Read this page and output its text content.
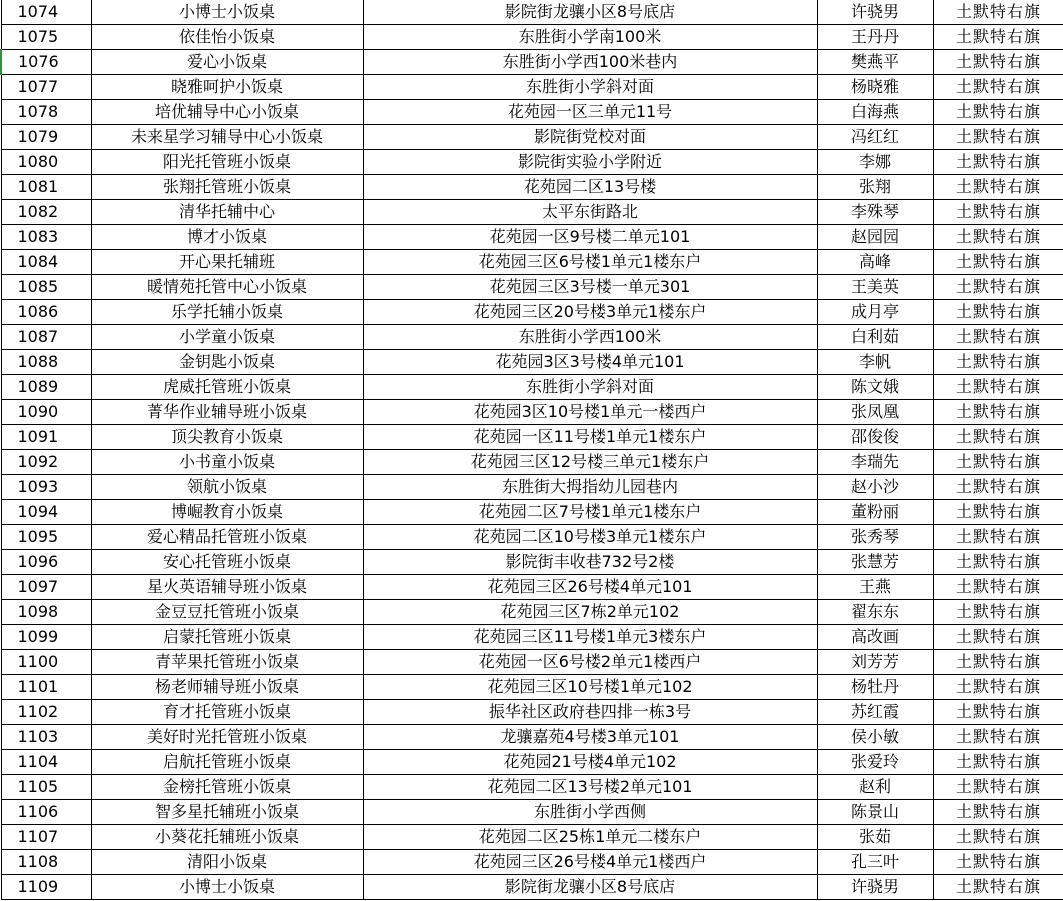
1074	小博士小饭桌	影院街龙骧小区8号底店	许骁男	土默特右旗
1075	依佳怡小饭桌	东胜街小学南100米	王丹丹	土默特右旗
1076	爱心小饭桌	东胜街小学西100米巷内	樊燕平	土默特右旗
1077	晓雅呵护小饭桌	东胜街小学斜对面	杨晓雅	土默特右旗
1078	培优辅导中心小饭桌	花苑园一区三单元11号	白海燕	土默特右旗
1079	未来星学习辅导中心小饭桌	影院街党校对面	冯红红	土默特右旗
1080	阳光托管班小饭桌	影院街实验小学附近	李娜	土默特右旗
1081	张翔托管班小饭桌	花苑园二区13号楼	张翔	土默特右旗
1082	清华托辅中心	太平东街路北	李殊琴	土默特右旗
1083	博才小饭桌	花苑园一区9号楼二单元101	赵园园	土默特右旗
1084	开心果托辅班	花苑园三区6号楼1单元1楼东户	高峰	土默特右旗
1085	暖情苑托管中心小饭桌	花苑园三区3号楼一单元301	王美英	土默特右旗
1086	乐学托辅小饭桌	花苑园三区20号楼3单元1楼东户	成月亭	土默特右旗
1087	小学童小饭桌	东胜街小学西100米	白利茹	土默特右旗
1088	金钥匙小饭桌	花苑园3区3号楼4单元101	李帆	土默特右旗
1089	虎威托管班小饭桌	东胜街小学斜对面	陈文娥	土默特右旗
1090	菁华作业辅导班小饭桌	花苑园3区10号楼1单元一楼西户	张凤凰	土默特右旗
1091	顶尖教育小饭桌	花苑园一区11号楼1单元1楼东户	邵俊俊	土默特右旗
1092	小书童小饭桌	花苑园三区12号楼三单元1楼东户	李瑞先	土默特右旗
1093	领航小饭桌	东胜街大拇指幼儿园巷内	赵小沙	土默特右旗
1094	博崛教育小饭桌	花苑园二区7号楼1单元1楼东户	董粉丽	土默特右旗
1095	爱心精品托管班小饭桌	花苑园二区10号楼3单元1楼东户	张秀琴	土默特右旗
1096	安心托管班小饭桌	影院街丰收巷732号2楼	张慧芳	土默特右旗
1097	星火英语辅导班小饭桌	花苑园三区26号楼4单元101	王燕	土默特右旗
1098	金豆豆托管班小饭桌	花苑园三区7栋2单元102	翟东东	土默特右旗
1099	启蒙托管班小饭桌	花苑园三区11号楼1单元3楼东户	高改画	土默特右旗
1100	青苹果托管班小饭桌	花苑园一区6号楼2单元1楼西户	刘芳芳	土默特右旗
1101	杨老师辅导班小饭桌	花苑园三区10号楼1单元102	杨牡丹	土默特右旗
1102	育才托管班小饭桌	振华社区政府巷四排一栋3号	苏红霞	土默特右旗
1103	美好时光托管班小饭桌	龙骧嘉苑4号楼3单元101	侯小敏	土默特右旗
1104	启航托管班小饭桌	花苑园21号楼4单元102	张爱玲	土默特右旗
1105	金榜托管班小饭桌	花苑园二区13号楼2单元101	赵利	土默特右旗
1106	智多星托辅班小饭桌	东胜街小学西侧	陈景山	土默特右旗
1107	小葵花托辅班小饭桌	花苑园二区25栋1单元二楼东户	张茹	土默特右旗
1108	清阳小饭桌	花苑园三区26号楼4单元1楼西户	孔三叶	土默特右旗
1109	小博士小饭桌	影院街龙骧小区8号底店	许骁男	土默特右旗
